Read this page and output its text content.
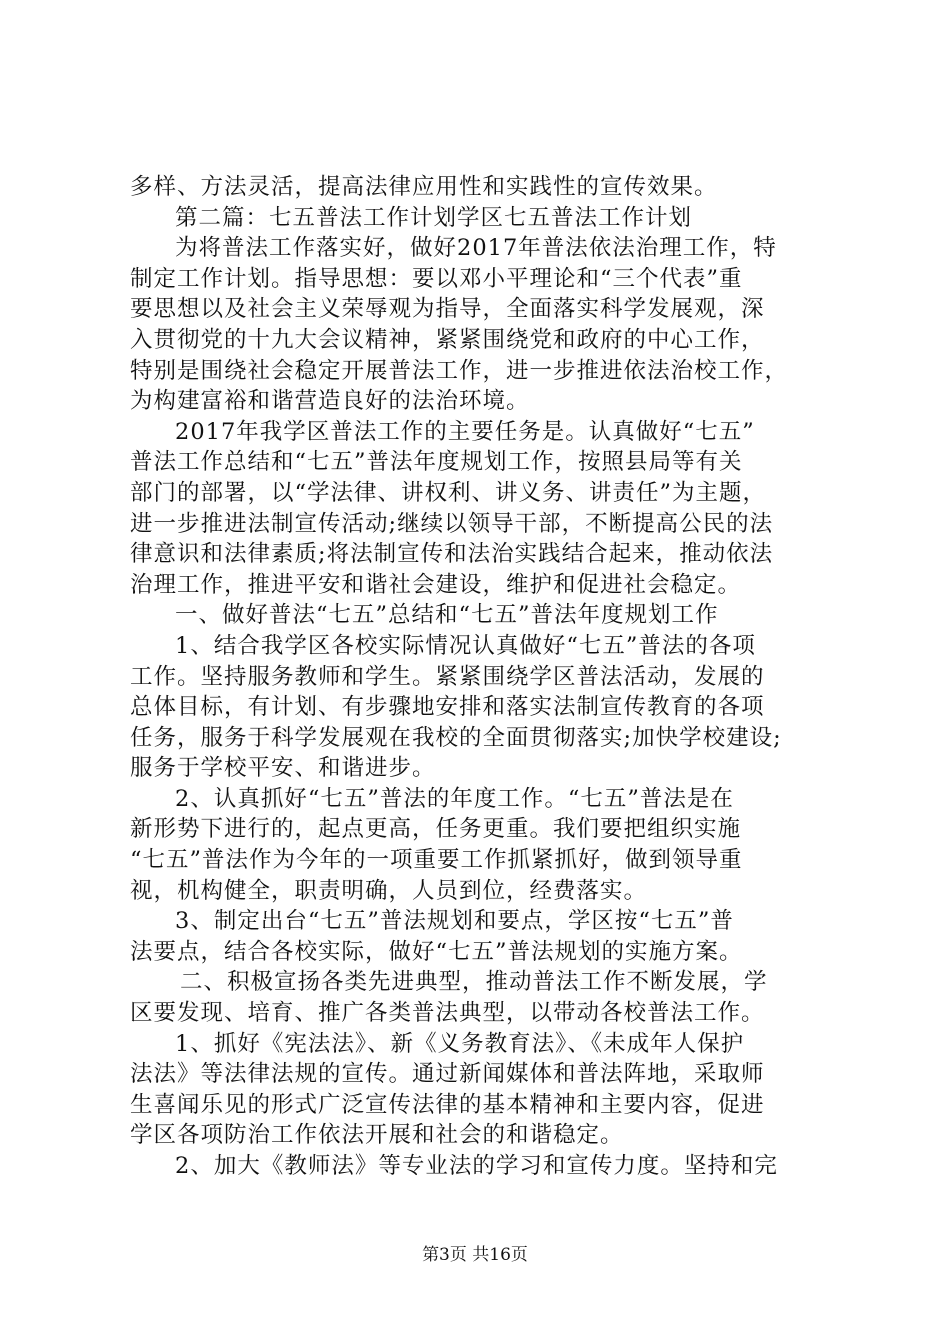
多样、方法灵活，提高法律应用性和实践性的宣传效果。
第二篇：七五普法工作计划学区七五普法工作计划
为将普法工作落实好，做好2017年普法依法治理工作，特
制定工作计划。指导思想：要以邓小平理论和“三个代表”重
要思想以及社会主义荣辱观为指导，全面落实科学发展观，深
入贯彻党的十九大会议精神，紧紧围绕党和政府的中心工作，
特别是围绕社会稳定开展普法工作，进一步推进依法治校工作，
为构建富裕和谐营造良好的法治环境。
2017年我学区普法工作的主要任务是。认真做好“七五”
普法工作总结和“七五”普法年度规划工作，按照县局等有关
部门的部署，以“学法律、讲权利、讲义务、讲责任”为主题，
进一步推进法制宣传活动;继续以领导干部，不断提高公民的法
律意识和法律素质;将法制宣传和法治实践结合起来，推动依法
治理工作，推进平安和谐社会建设，维护和促进社会稳定。
一、做好普法“七五”总结和“七五”普法年度规划工作
1、结合我学区各校实际情况认真做好“七五”普法的各项
工作。坚持服务教师和学生。紧紧围绕学区普法活动，发展的
总体目标，有计划、有步骤地安排和落实法制宣传教育的各项
任务，服务于科学发展观在我校的全面贯彻落实;加快学校建设;
服务于学校平安、和谐进步。
2、认真抓好“七五”普法的年度工作。“七五”普法是在
新形势下进行的，起点更高，任务更重。我们要把组织实施
“七五”普法作为今年的一项重要工作抓紧抓好，做到领导重
视，机构健全，职责明确，人员到位，经费落实。
3、制定出台“七五”普法规划和要点，学区按“七五”普
法要点，结合各校实际，做好“七五”普法规划的实施方案。
二、积极宣扬各类先进典型，推动普法工作不断发展，学
区要发现、培育、推广各类普法典型，以带动各校普法工作。
1、抓好《宪法法》、新《义务教育法》、《未成年人保护
法法》等法律法规的宣传。通过新闻媒体和普法阵地，采取师
生喜闻乐见的形式广泛宣传法律的基本精神和主要内容，促进
学区各项防治工作依法开展和社会的和谐稳定。
2、加大《教师法》等专业法的学习和宣传力度。坚持和完
第3页 共16页
